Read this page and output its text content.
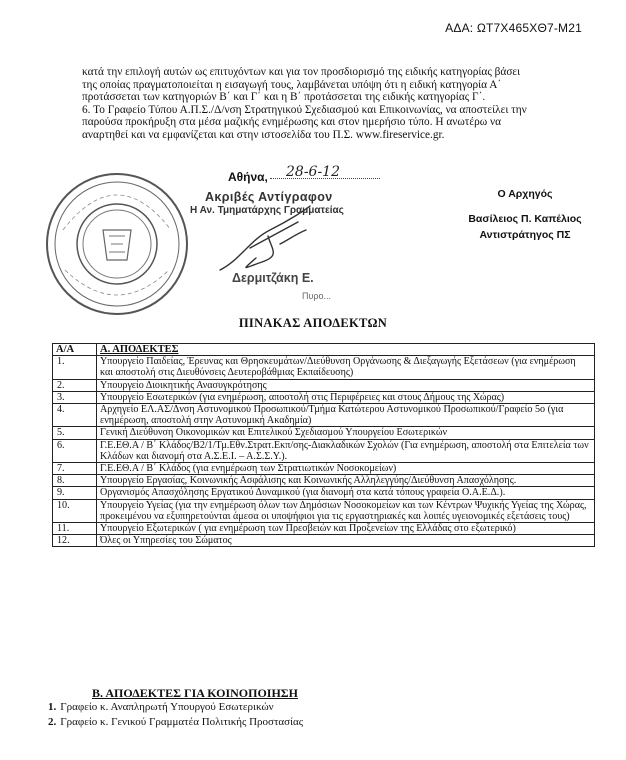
ΑΔΑ: ΩΤ7Χ465ΧΘ7-Μ21

κατά την επιλογή αυτών ως επιτυχόντων και για τον προσδιορισμό της ειδικής κατηγορίας βάσει

της οποίας πραγματοποιείται η εισαγωγή τους, λαμβάνεται υπόψη ότι η ειδική κατηγορία Α΄

προτάσσεται των κατηγοριών Β΄ και Γ΄ και η Β΄ προτάσσεται της ειδικής κατηγορίας Γ΄.

6. Το Γραφείο Τύπου Α.Π.Σ./Δ/νση Στρατηγικού Σχεδιασμού και Επικοινωνίας, να αποστείλει την

παρούσα προκήρυξη στα μέσα μαζικής ενημέρωσης και στον ημερήσιο τύπο. Η ανωτέρω να

αναρτηθεί και να εμφανίζεται και στην ιστοσελίδα του Π.Σ. www.fireservice.gr.

Αθήνα, 28-6-12
Ακριβές Αντίγραφον
Η Αν. Τμηματάρχης Γραμματείας
Δερμιτζάκη Ε.
Πυρο...
Ο Αρχηγός
Βασίλειος Π. Καπέλιος
Αντιστράτηγος ΠΣ
ΠΙΝΑΚΑΣ ΑΠΟΔΕΚΤΩΝ
Α/Α	Α. ΑΠΟΔΕΚΤΕΣ
1.	Υπουργείο Παιδείας, Έρευνας και Θρησκευμάτων/Διεύθυνση Οργάνωσης & Διεξαγωγής Εξετάσεων (για ενημέρωση και αποστολή στις Διευθύνσεις Δευτεροβάθμιας Εκπαίδευσης)
2.	Υπουργείο Διοικητικής Ανασυγκρότησης
3.	Υπουργείο Εσωτερικών (για ενημέρωση, αποστολή στις Περιφέρειες και στους Δήμους της Χώρας)
4.	Αρχηγείο ΕΛ.ΑΣ/Δνση Αστυνομικού Προσωπικού/Τμήμα Κατώτερου Αστυνομικού Προσωπικού/Γραφείο 5ο (για ενημέρωση, αποστολή στην Αστυνομική Ακαδημία)
5.	Γενική Διεύθυνση Οικονομικών και Επιτελικού Σχεδιασμού Υπουργείου Εσωτερικών
6.	Γ.Ε.ΕΘ.Α / Β΄ Κλάδος/Β2/1/Τμ.Εθν.Στρατ.Εκπ/σης-Διακλαδικών Σχολών (Για ενημέρωση, αποστολή στα Επιτελεία των Κλάδων και διανομή στα Α.Σ.Ε.Ι. – Α.Σ.Σ.Υ.).
7.	Γ.Ε.ΕΘ.Α / Β΄ Κλάδος (για ενημέρωση των Στρατιωτικών Νοσοκομείων)
8.	Υπουργείο Εργασίας, Κοινωνικής Ασφάλισης και Κοινωνικής Αλληλεγγύης/Διεύθυνση Απασχόλησης.
9.	Οργανισμός Απασχόλησης Εργατικού Δυναμικού (για διανομή στα κατά τόπους γραφεία Ο.Α.Ε.Δ.).
10.	Υπουργείο Υγείας (για την ενημέρωση όλων των Δημόσιων Νοσοκομείων και των Κέντρων Ψυχικής Υγείας της Χώρας, προκειμένου να εξυπηρετούνται άμεσα οι υποψήφιοι για τις εργαστηριακές και λοιπές υγειονομικές εξετάσεις τους)
11.	Υπουργείο Εξωτερικών ( για ενημέρωση των Πρεσβειών και Προξενείων της Ελλάδας στο εξωτερικό)
12.	Όλες οι Υπηρεσίες του Σώματος
Β. ΑΠΟΔΕΚΤΕΣ ΓΙΑ ΚΟΙΝΟΠΟΙΗΣΗ
1. Γραφείο κ. Αναπληρωτή Υπουργού Εσωτερικών
2. Γραφείο κ. Γενικού Γραμματέα Πολιτικής Προστασίας
